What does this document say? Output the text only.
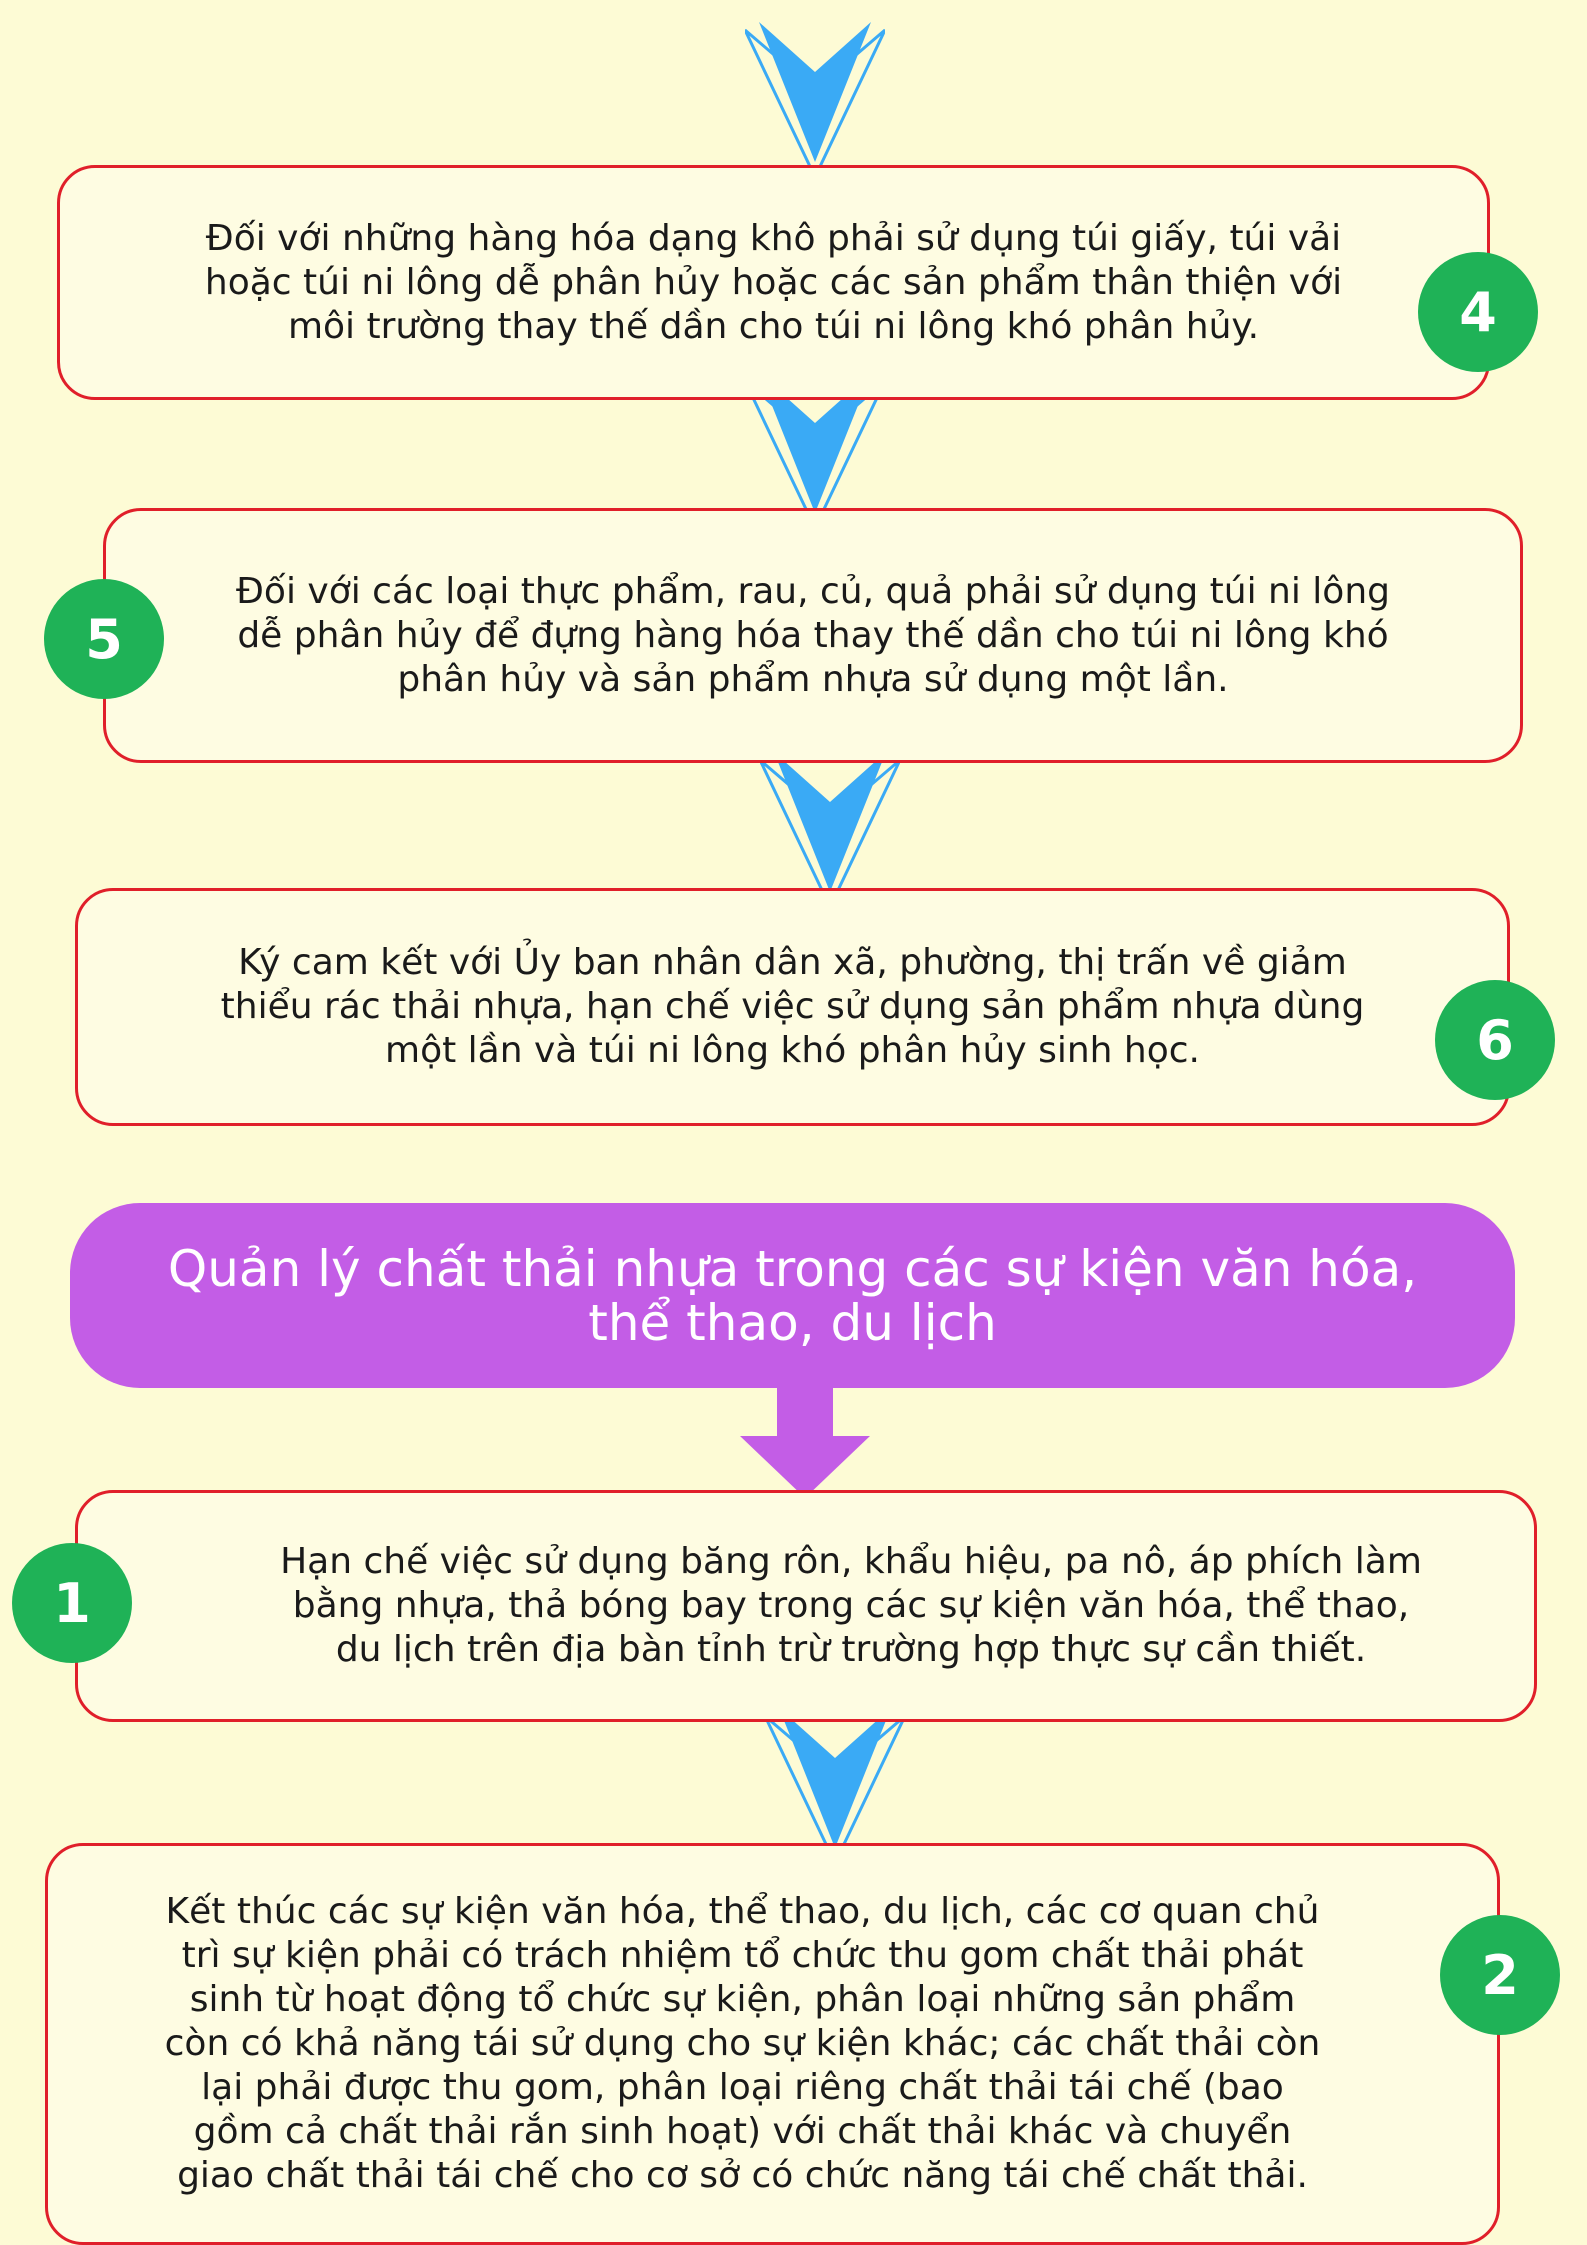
Đối với những hàng hóa dạng khô phải sử dụng túi giấy, túi vải
hoặc túi ni lông dễ phân hủy hoặc các sản phẩm thân thiện với
môi trường thay thế dần cho túi ni lông khó phân hủy.	4
Đối với các loại thực phẩm, rau, củ, quả phải sử dụng túi ni lông
dễ phân hủy để đựng hàng hóa thay thế dần cho túi ni lông khó
phân hủy và sản phẩm nhựa sử dụng một lần.
5
Ký cam kết với Ủy ban nhân dân xã, phường, thị trấn về giảm
thiểu rác thải nhựa, hạn chế việc sử dụng sản phẩm nhựa dùng
một lần và túi ni lông khó phân hủy sinh học.	6
Quản lý chất thải nhựa trong các sự kiện văn hóa,
thể thao, du lịch
Hạn chế việc sử dụng băng rôn, khẩu hiệu, pa nô, áp phích làm
bằng nhựa, thả bóng bay trong các sự kiện văn hóa, thể thao,
du lịch trên địa bàn tỉnh trừ trường hợp thực sự cần thiết.
1
Kết thúc các sự kiện văn hóa, thể thao, du lịch, các cơ quan chủ
trì sự kiện phải có trách nhiệm tổ chức thu gom chất thải phát
sinh từ hoạt động tổ chức sự kiện, phân loại những sản phẩm
còn có khả năng tái sử dụng cho sự kiện khác; các chất thải còn
lại phải được thu gom, phân loại riêng chất thải tái chế (bao
gồm cả chất thải rắn sinh hoạt) với chất thải khác và chuyển
giao chất thải tái chế cho cơ sở có chức năng tái chế chất thải.
2
